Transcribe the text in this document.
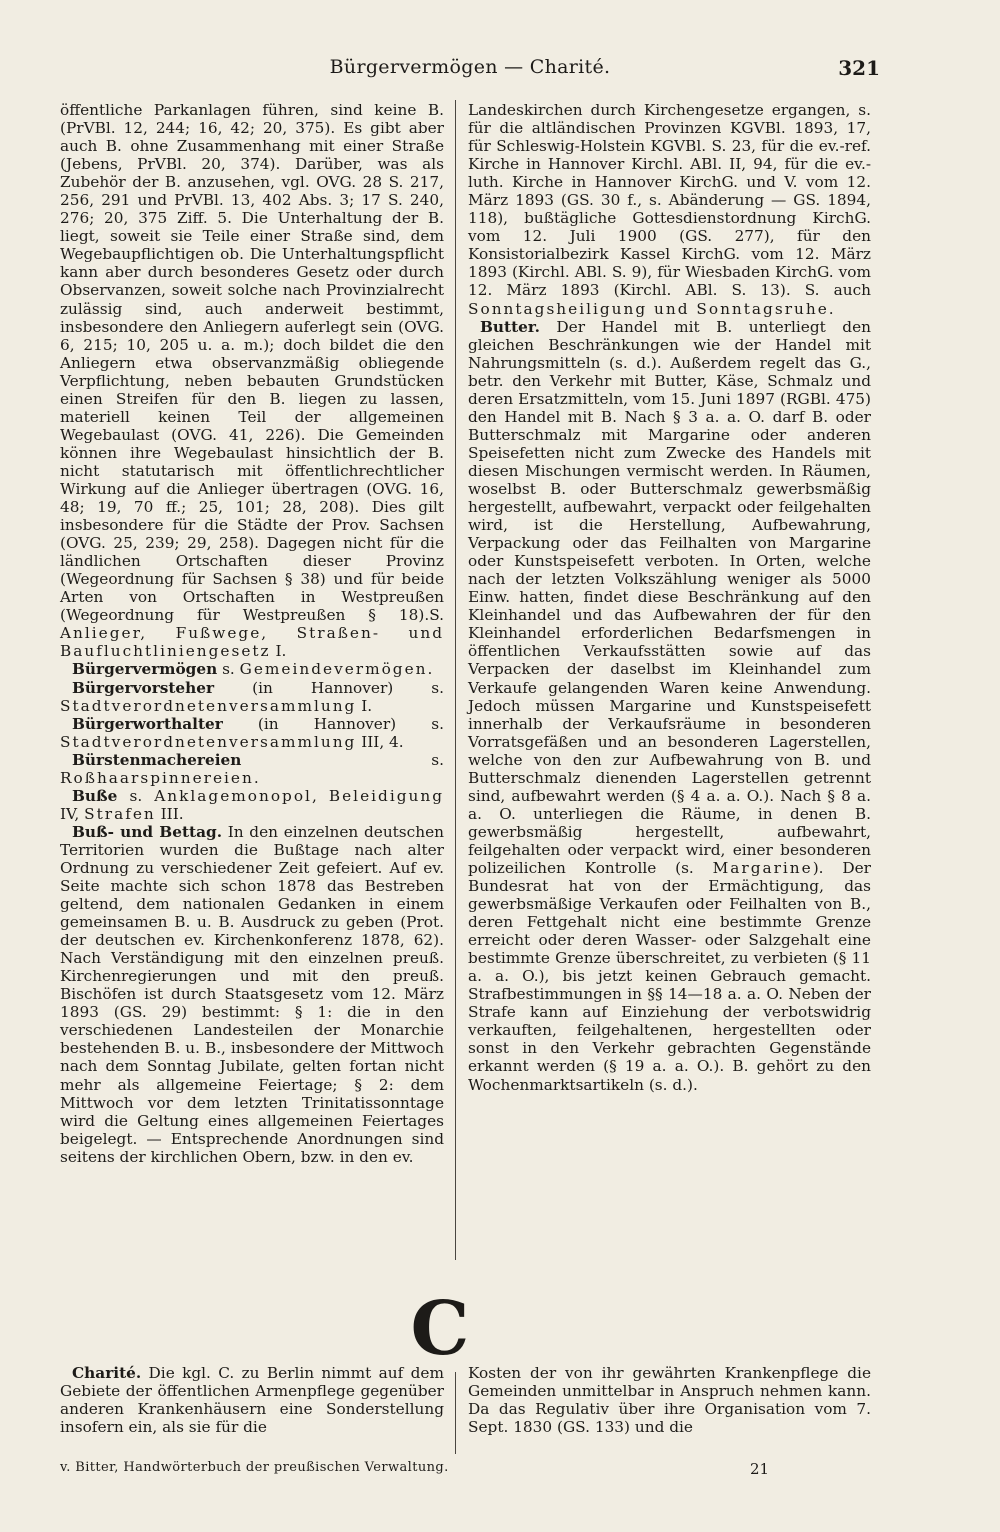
Bürgervermögen — Charité.	321

öffentliche Parkanlagen führen, sind keine B. (PrVBl. 12, 244; 16, 42; 20, 375). Es gibt aber auch B. ohne Zusammenhang mit einer Straße (Jebens, PrVBl. 20, 374). Darüber, was als Zubehör der B. anzusehen, vgl. OVG. 28 S. 217, 256, 291 und PrVBl. 13, 402 Abs. 3; 17 S. 240, 276; 20, 375 Ziff. 5. Die Unterhaltung der B. liegt, soweit sie Teile einer Straße sind, dem Wegebaupflichtigen ob. Die Unterhaltungspflicht kann aber durch besonderes Gesetz oder durch Observanzen, soweit solche nach Provinzialrecht zulässig sind, auch anderweit bestimmt, insbesondere den Anliegern auferlegt sein (OVG. 6, 215; 10, 205 u. a. m.); doch bildet die den Anliegern etwa observanzmäßig obliegende Verpflichtung, neben bebauten Grundstücken einen Streifen für den B. liegen zu lassen, materiell keinen Teil der allgemeinen Wegebaulast (OVG. 41, 226). Die Gemeinden können ihre Wegebaulast hinsichtlich der B. nicht statutarisch mit öffentlichrechtlicher Wirkung auf die Anlieger übertragen (OVG. 16, 48; 19, 70 ff.; 25, 101; 28, 208). Dies gilt insbesondere für die Städte der Prov. Sachsen (OVG. 25, 239; 29, 258). Dagegen nicht für die ländlichen Ortschaften dieser Provinz (Wegeordnung für Sachsen § 38) und für beide Arten von Ortschaften in Westpreußen (Wegeordnung für Westpreußen § 18).S. Anlieger, Fußwege, Straßen- und Baufluchtliniengesetz I.

Bürgervermögen s. Gemeindevermögen.

Bürgervorsteher (in Hannover) s. Stadtverordnetenversammlung I.

Bürgerworthalter (in Hannover) s. Stadtverordnetenversammlung III, 4.

Bürstenmachereien s. Roßhaarspinnereien.

Buße s. Anklagemonopol, Beleidigung IV, Strafen III.

Buß- und Bettag. In den einzelnen deutschen Territorien wurden die Bußtage nach alter Ordnung zu verschiedener Zeit gefeiert. Auf ev. Seite machte sich schon 1878 das Bestreben geltend, dem nationalen Gedanken in einem gemeinsamen B. u. B. Ausdruck zu geben (Prot. der deutschen ev. Kirchenkonferenz 1878, 62). Nach Verständigung mit den einzelnen preuß. Kirchenregierungen und mit den preuß. Bischöfen ist durch Staatsgesetz vom 12. März 1893 (GS. 29) bestimmt: § 1: die in den verschiedenen Landesteilen der Monarchie bestehenden B. u. B., insbesondere der Mittwoch nach dem Sonntag Jubilate, gelten fortan nicht mehr als allgemeine Feiertage; § 2: dem Mittwoch vor dem letzten Trinitatissonntage wird die Geltung eines allgemeinen Feiertages beigelegt. — Entsprechende Anordnungen sind seitens der kirchlichen Obern, bzw. in den ev.

Landeskirchen durch Kirchengesetze ergangen, s. für die altländischen Provinzen KGVBl. 1893, 17, für Schleswig-Holstein KGVBl. S. 23, für die ev.-ref. Kirche in Hannover Kirchl. ABl. II, 94, für die ev.-luth. Kirche in Hannover KirchG. und V. vom 12. März 1893 (GS. 30 f., s. Abänderung — GS. 1894, 118), bußtägliche Gottesdienstordnung KirchG. vom 12. Juli 1900 (GS. 277), für den Konsistorialbezirk Kassel KirchG. vom 12. März 1893 (Kirchl. ABl. S. 9), für Wiesbaden KirchG. vom 12. März 1893 (Kirchl. ABl. S. 13). S. auch Sonntagsheiligung und Sonntagsruhe.

Butter. Der Handel mit B. unterliegt den gleichen Beschränkungen wie der Handel mit Nahrungsmitteln (s. d.). Außerdem regelt das G., betr. den Verkehr mit Butter, Käse, Schmalz und deren Ersatzmitteln, vom 15. Juni 1897 (RGBl. 475) den Handel mit B. Nach § 3 a. a. O. darf B. oder Butterschmalz mit Margarine oder anderen Speisefetten nicht zum Zwecke des Handels mit diesen Mischungen vermischt werden. In Räumen, woselbst B. oder Butterschmalz gewerbsmäßig hergestellt, aufbewahrt, verpackt oder feilgehalten wird, ist die Herstellung, Aufbewahrung, Verpackung oder das Feilhalten von Margarine oder Kunstspeisefett verboten. In Orten, welche nach der letzten Volkszählung weniger als 5000 Einw. hatten, findet diese Beschränkung auf den Kleinhandel und das Aufbewahren der für den Kleinhandel erforderlichen Bedarfsmengen in öffentlichen Verkaufsstätten sowie auf das Verpacken der daselbst im Kleinhandel zum Verkaufe gelangenden Waren keine Anwendung. Jedoch müssen Margarine und Kunstspeisefett innerhalb der Verkaufsräume in besonderen Vorratsgefäßen und an besonderen Lagerstellen, welche von den zur Aufbewahrung von B. und Butterschmalz dienenden Lagerstellen getrennt sind, aufbewahrt werden (§ 4 a. a. O.). Nach § 8 a. a. O. unterliegen die Räume, in denen B. gewerbsmäßig hergestellt, aufbewahrt, feilgehalten oder verpackt wird, einer besonderen polizeilichen Kontrolle (s. Margarine). Der Bundesrat hat von der Ermächtigung, das gewerbsmäßige Verkaufen oder Feilhalten von B., deren Fettgehalt nicht eine bestimmte Grenze erreicht oder deren Wasser- oder Salzgehalt eine bestimmte Grenze überschreitet, zu verbieten (§ 11 a. a. O.), bis jetzt keinen Gebrauch gemacht. Strafbestimmungen in §§ 14—18 a. a. O. Neben der Strafe kann auf Einziehung der verbotswidrig verkauften, feilgehaltenen, hergestellten oder sonst in den Verkehr gebrachten Gegenstände erkannt werden (§ 19 a. a. O.). B. gehört zu den Wochenmarktsartikeln (s. d.).

C

Charité. Die kgl. C. zu Berlin nimmt auf dem Gebiete der öffentlichen Armenpflege gegenüber anderen Krankenhäusern eine Sonderstellung insofern ein, als sie für die

Kosten der von ihr gewährten Krankenpflege die Gemeinden unmittelbar in Anspruch nehmen kann. Da das Regulativ über ihre Organisation vom 7. Sept. 1830 (GS. 133) und die

v. Bitter, Handwörterbuch der preußischen Verwaltung.	21
